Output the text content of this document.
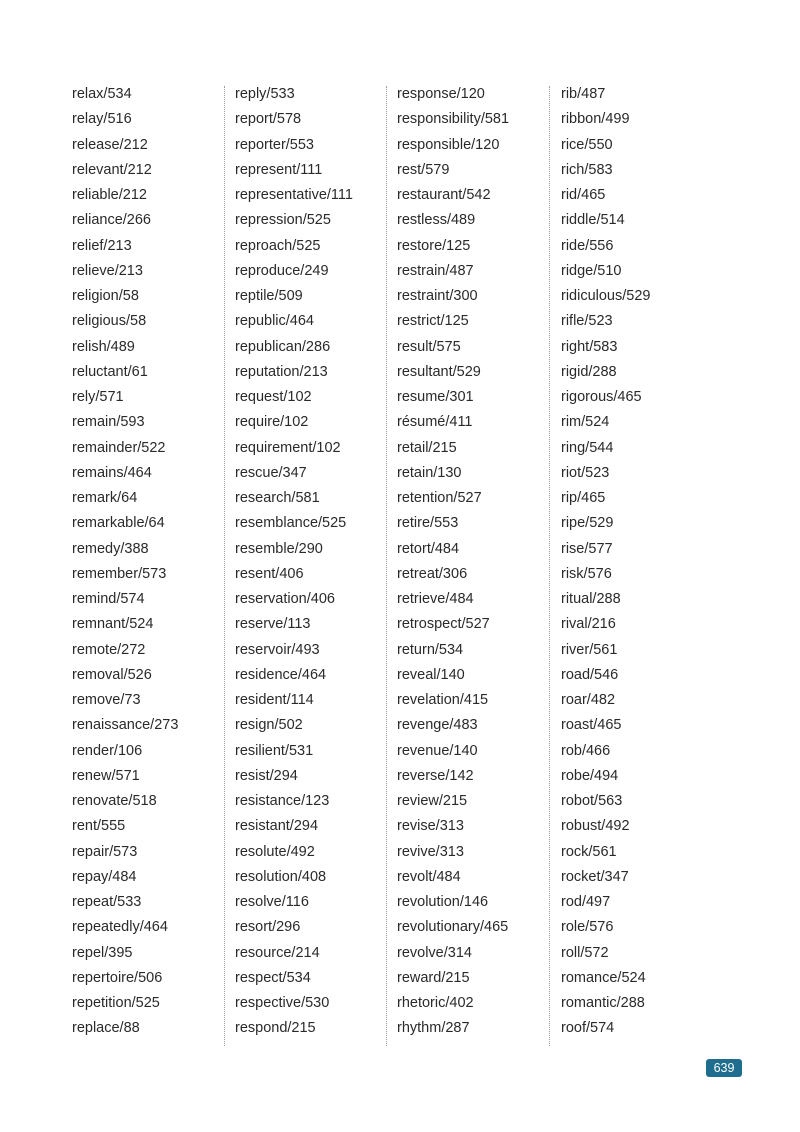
relax/534
relay/516
release/212
relevant/212
reliable/212
reliance/266
relief/213
relieve/213
religion/58
religious/58
relish/489
reluctant/61
rely/571
remain/593
remainder/522
remains/464
remark/64
remarkable/64
remedy/388
remember/573
remind/574
remnant/524
remote/272
removal/526
remove/73
renaissance/273
render/106
renew/571
renovate/518
rent/555
repair/573
repay/484
repeat/533
repeatedly/464
repel/395
repertoire/506
repetition/525
replace/88
reply/533
report/578
reporter/553
represent/111
representative/111
repression/525
reproach/525
reproduce/249
reptile/509
republic/464
republican/286
reputation/213
request/102
require/102
requirement/102
rescue/347
research/581
resemblance/525
resemble/290
resent/406
reservation/406
reserve/113
reservoir/493
residence/464
resident/114
resign/502
resilient/531
resist/294
resistance/123
resistant/294
resolute/492
resolution/408
resolve/116
resort/296
resource/214
respect/534
respective/530
respond/215
response/120
responsibility/581
responsible/120
rest/579
restaurant/542
restless/489
restore/125
restrain/487
restraint/300
restrict/125
result/575
resultant/529
resume/301
résumé/411
retail/215
retain/130
retention/527
retire/553
retort/484
retreat/306
retrieve/484
retrospect/527
return/534
reveal/140
revelation/415
revenge/483
revenue/140
reverse/142
review/215
revise/313
revive/313
revolt/484
revolution/146
revolutionary/465
revolve/314
reward/215
rhetoric/402
rhythm/287
rib/487
ribbon/499
rice/550
rich/583
rid/465
riddle/514
ride/556
ridge/510
ridiculous/529
rifle/523
right/583
rigid/288
rigorous/465
rim/524
ring/544
riot/523
rip/465
ripe/529
rise/577
risk/576
ritual/288
rival/216
river/561
road/546
roar/482
roast/465
rob/466
robe/494
robot/563
robust/492
rock/561
rocket/347
rod/497
role/576
roll/572
romance/524
romantic/288
roof/574
639
